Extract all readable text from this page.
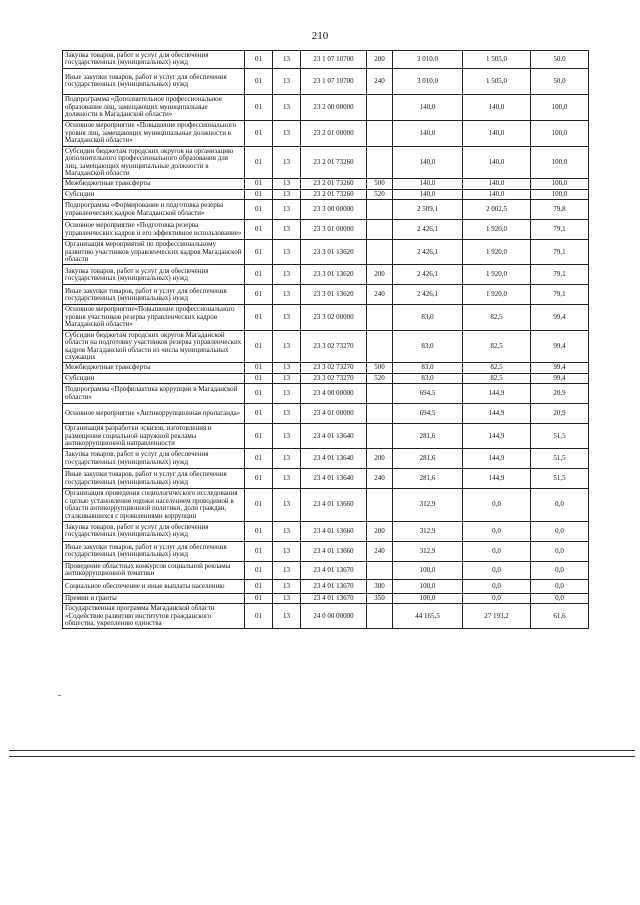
210
Закупка товаров, работ и услуг для обеспечения государственных (муниципальных) нужд	01	13	23 1 07 10700	200	3 010,0	1 505,0	50,0
Иные закупки товаров, работ и услуг для обеспечения государственных (муниципальных) нужд	01	13	23 1 07 10700	240	3 010,0	1 505,0	50,0
Подпрограмма «Дополнительное профессиональное образование лиц, замещающих муниципальные должности в Магаданской области»	01	13	23 2 00 00000		140,0	140,0	100,0
Основное мероприятие «Повышение профессионального уровня лиц, замещающих муниципальные должности в Магаданской области»	01	13	23 2 01 00000		140,0	140,0	100,0
Субсидии бюджетам городских округов на организацию дополнительного профессионального образования для лиц, замещающих муниципальные должности в Магаданской области	01	13	23 2 01 73260		140,0	140,0	100,0
Межбюджетные трансферты	01	13	23 2 01 73260	500	140,0	140,0	100,0
Субсидии	01	13	23 2 01 73260	520	140,0	140,0	100,0
Подпрограмма «Формирование и подготовка резерва управленческих кадров Магаданской области»	01	13	23 3 00 00000		2 509,1	2 002,5	79,8
Основное мероприятие «Подготовка резерва управленческих кадров и его эффективное использование»	01	13	23 3 01 00000		2 426,1	1 920,0	79,1
Организация мероприятий по профессиональному развитию участников управленческих кадров Магаданской области	01	13	23 3 01 13620		2 426,1	1 920,0	79,1
Закупка товаров, работ и услуг для обеспечения государственных (муниципальных) нужд	01	13	23 3 01 13620	200	2 426,1	1 920,0	79,1
Иные закупки товаров, работ и услуг для обеспечения государственных (муниципальных) нужд	01	13	23 3 01 13620	240	2 426,1	1 920,0	79,1
Основное мероприятие«Повышение профессионального уровня участников резерва управленческих кадров Магаданской области»	01	13	23 3 02 00000		83,0	82,5	99,4
Субсидии бюджетам городских округов Магаданской области на подготовку участников резерва управленческих кадров Магаданской области из числа муниципальных служащих	01	13	23 3 02 73270		83,0	82,5	99,4
Межбюджетные трансферты	01	13	23 3 02 73270	500	83,0	82,5	99,4
Субсидии	01	13	23 3 02 73270	520	83,0	82,5	99,4
Подпрограмма «Профилактика коррупции в Магаданской области»	01	13	23 4 00 00000		694,5	144,9	20,9
Основное мероприятие «Антикоррупционная пропаганда»	01	13	23 4 01 00000		694,5	144,9	20,9
Организация разработки эскизов, изготовления и размещения социальной наружной рекламы антикоррупционной направленности	01	13	23 4 01 13640		281,6	144,9	51,5
Закупка товаров, работ и услуг для обеспечения государственных (муниципальных) нужд	01	13	23 4 01 13640	200	281,6	144,9	51,5
Иные закупки товаров, работ и услуг для обеспечения государственных (муниципальных) нужд	01	13	23 4 01 13640	240	281,6	144,9	51,5
Организация проведения социологического исследования с целью установления оценки населением проводимой в области антикоррупционной политики, доли граждан, сталкивавшихся с проявлениями коррупции	01	13	23 4 01 13660		312,9	0,0	0,0
Закупка товаров, работ и услуг для обеспечения государственных (муниципальных) нужд	01	13	23 4 01 13660	200	312,9	0,0	0,0
Иные закупки товаров, работ и услуг для обеспечения государственных (муниципальных) нужд	01	13	23 4 01 13660	240	312,9	0,0	0,0
Проведение областных конкурсов социальной рекламы антикоррупционной тематики	01	13	23 4 01 13670		100,0	0,0	0,0
Социальное обеспечение и иные выплаты населению	01	13	23 4 01 13670	300	100,0	0,0	0,0
Премии и гранты	01	13	23 4 01 13670	350	100,0	0,0	0,0
Государственная программа Магаданской области «Содействие развитию институтов гражданского общества, укреплению единства	01	13	24 0 00 00000		44 165,5	27 193,2	61,6
